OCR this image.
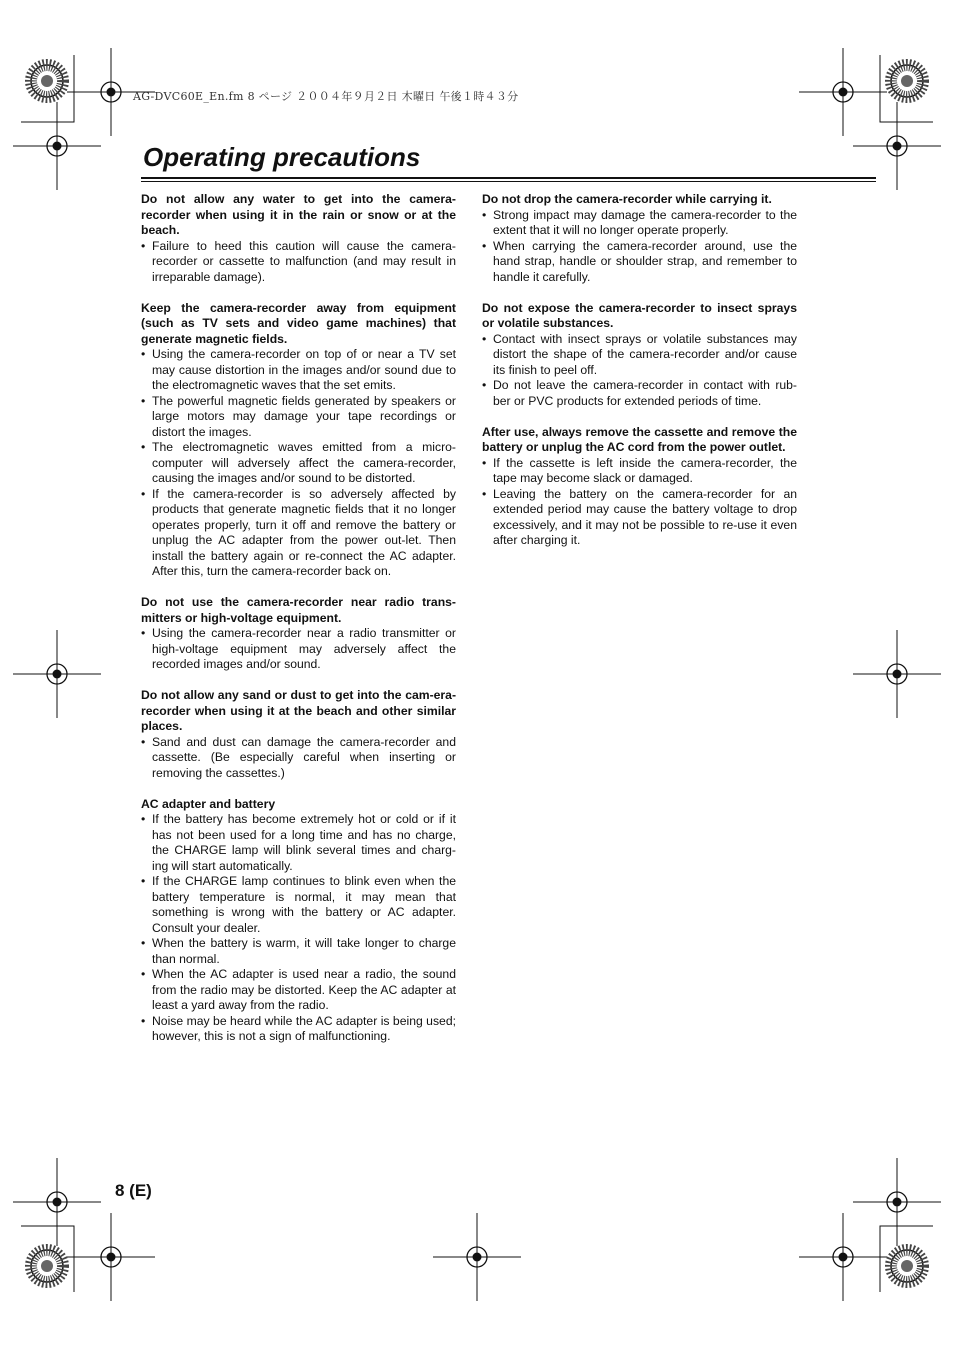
AG-DVC60E_En.fm 8 ページ ２００４年９月２日 木曜日 午後１時４３分
Operating precautions

Do not allow any water to get into the camera-recorder when using it in the rain or snow or at the beach.

• Failure to heed this caution will cause the camera-recorder or cassette to malfunction (and may result in irreparable damage).

Keep the camera-recorder away from equipment (such as TV sets and video game machines) that generate magnetic fields.

• Using the camera-recorder on top of or near a TV set may cause distortion in the images and/or sound due to the electromagnetic waves that the set emits.
• The powerful magnetic fields generated by speakers or large motors may damage your tape recordings or distort the images.
• The electromagnetic waves emitted from a micro-computer will adversely affect the camera-recorder, causing the images and/or sound to be distorted.
• If the camera-recorder is so adversely affected by products that generate magnetic fields that it no longer operates properly, turn it off and remove the battery or unplug the AC adapter from the power out-let. Then install the battery again or re-connect the AC adapter. After this, turn the camera-recorder back on.

Do not use the camera-recorder near radio trans-mitters or high-voltage equipment.

• Using the camera-recorder near a radio transmitter or high-voltage equipment may adversely affect the recorded images and/or sound.

Do not allow any sand or dust to get into the cam-era-recorder when using it at the beach and other similar places.

• Sand and dust can damage the camera-recorder and cassette. (Be especially careful when inserting or removing the cassettes.)

AC adapter and battery

• If the battery has become extremely hot or cold or if it has not been used for a long time and has no charge, the CHARGE lamp will blink several times and charg-ing will start automatically.
• If the CHARGE lamp continues to blink even when the battery temperature is normal, it may mean that something is wrong with the battery or AC adapter. Consult your dealer.
• When the battery is warm, it will take longer to charge than normal.
• When the AC adapter is used near a radio, the sound from the radio may be distorted. Keep the AC adapter at least a yard away from the radio.
• Noise may be heard while the AC adapter is being used; however, this is not a sign of malfunctioning.

Do not drop the camera-recorder while carrying it.

• Strong impact may damage the camera-recorder to the extent that it will no longer operate properly.
• When carrying the camera-recorder around, use the hand strap, handle or shoulder strap, and remember to handle it carefully.

Do not expose the camera-recorder to insect sprays or volatile substances.

• Contact with insect sprays or volatile substances may distort the shape of the camera-recorder and/or cause its finish to peel off.
• Do not leave the camera-recorder in contact with rub-ber or PVC products for extended periods of time.

After use, always remove the cassette and remove the battery or unplug the AC cord from the power outlet.

• If the cassette is left inside the camera-recorder, the tape may become slack or damaged.
• Leaving the battery on the camera-recorder for an extended period may cause the battery voltage to drop excessively, and it may not be possible to re-use it even after charging it.
8 (E)
